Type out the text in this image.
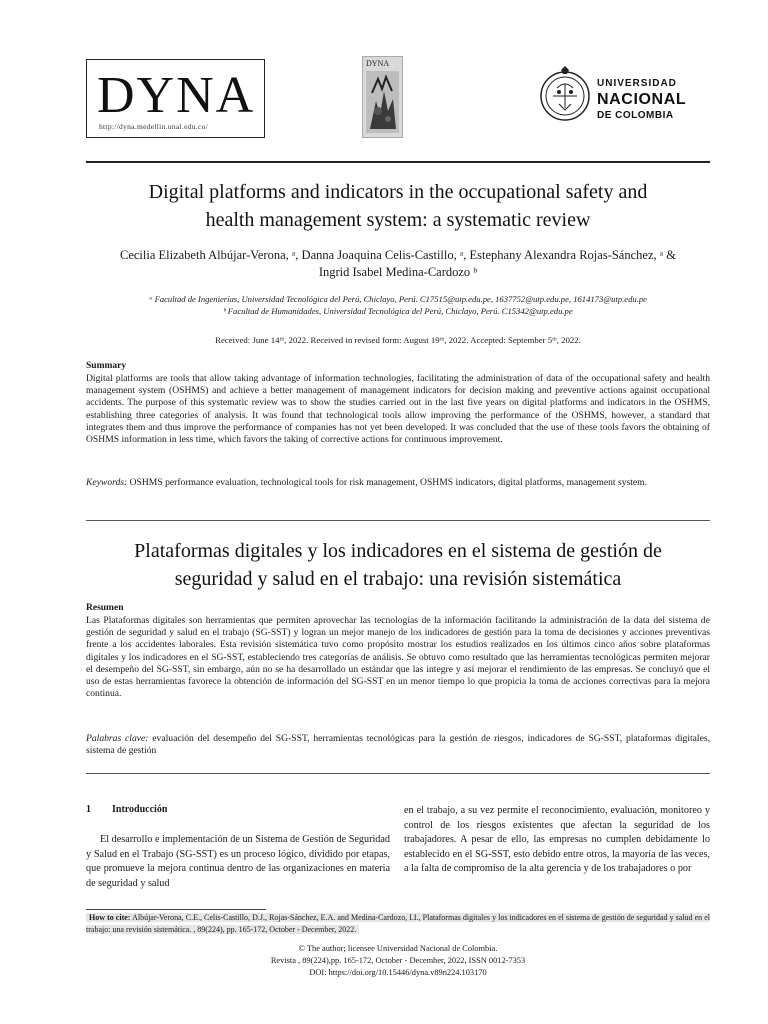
DYNA
http://dyna.medellin.unal.edu.co/
DYNA
UNIVERSIDAD
NACIONAL
DE COLOMBIA
Digital platforms and indicators in the occupational safety and
health management system: a systematic review
Cecilia Elizabeth Albújar-Verona, ᵃ, Danna Joaquina Celis-Castillo, ᵃ, Estephany Alexandra Rojas-Sánchez, ᵃ &
Ingrid Isabel Medina-Cardozo ᵇ
ᵃ Facultad de Ingenierías, Universidad Tecnológica del Perú, Chiclayo, Perú. C17515@utp.edu.pe, 1637752@utp.edu.pe, 1614173@utp.edu.pe
ᵇ Facultad de Humanidades, Universidad Tecnológica del Perú, Chiclayo, Perú. C15342@utp.edu.pe
Received: June 14ᵗʰ, 2022. Received in revised form: August 19ᵗʰ, 2022. Accepted: September 5ᵗʰ, 2022.
Summary
Digital platforms are tools that allow taking advantage of information technologies, facilitating the administration of data of the occupational safety and health management system (OSHMS) and achieve a better management of management indicators for decision making and preventive actions against occupational accidents. The purpose of this systematic review was to show the studies carried out in the last five years on digital platforms and indicators in the OSHMS, establishing three categories of analysis. It was found that technological tools allow improving the performance of the OSHMS, however, a standard that integrates them and thus improve the performance of companies has not yet been developed. It was concluded that the use of these tools favors the obtaining of OSHMS information in less time, which favors the taking of corrective actions for continuous improvement.
Keywords: OSHMS performance evaluation, technological tools for risk management, OSHMS indicators, digital platforms, management system.
Plataformas digitales y los indicadores en el sistema de gestión de
seguridad y salud en el trabajo: una revisión sistemática
Resumen
Las Plataformas digitales son herramientas que permiten aprovechar las tecnologías de la información facilitando la administración de la data del sistema de gestión de seguridad y salud en el trabajo (SG-SST) y logran un mejor manejo de los indicadores de gestión para la toma de decisiones y acciones preventivas frente a los accidentes laborales. Esta revisión sistemática tuvo como propósito mostrar los estudios realizados en los últimos cinco años sobre plataformas digitales y los indicadores en el SG-SST, estableciendo tres categorías de análisis. Se obtuvo como resultado que las herramientas tecnológicas permiten mejorar el desempeño del SG-SST, sin embargo, aún no se ha desarrollado un estándar que las integre y así mejorar el rendimiento de las empresas. Se concluyó que el uso de estas herramientas favorece la obtención de información del SG-SST en un menor tiempo lo que propicia la toma de acciones correctivas para la mejora continua.
Palabras clave: evaluación del desempeño del SG-SST, herramientas tecnológicas para la gestión de riesgos, indicadores de SG-SST, plataformas digitales, sistema de gestión
1 Introducción
El desarrollo e implementación de un Sistema de Gestión de Seguridad y Salud en el Trabajo (SG-SST) es un proceso lógico, dividido por etapas, que promueve la mejora continua dentro de las organizaciones en materia de seguridad y salud
en el trabajo, a su vez permite el reconocimiento, evaluación, monitoreo y control de los riesgos existentes que afectan la seguridad de los trabajadores. A pesar de ello, las empresas no cumplen debidamente lo establecido en el SG-SST, esto debido entre otros, la mayoría de las veces, a la falta de compromiso de la alta gerencia y de los trabajadores o por
How to cite: Albújar-Verona, C.E., Celis-Castillo, D.J., Rojas-Sánchez, E.A. and Medina-Cardozo, I.I., Plataformas digitales y los indicadores en el sistema de gestión de seguridad y salud en el trabajo: una revisión sistemática. , 89(224), pp. 165-172, October - December, 2022.
© The author; licensee Universidad Nacional de Colombia.
Revista , 89(224),pp. 165-172, October - December, 2022, ISSN 0012-7353
DOI: https://doi.org/10.15446/dyna.v89n224.103170
